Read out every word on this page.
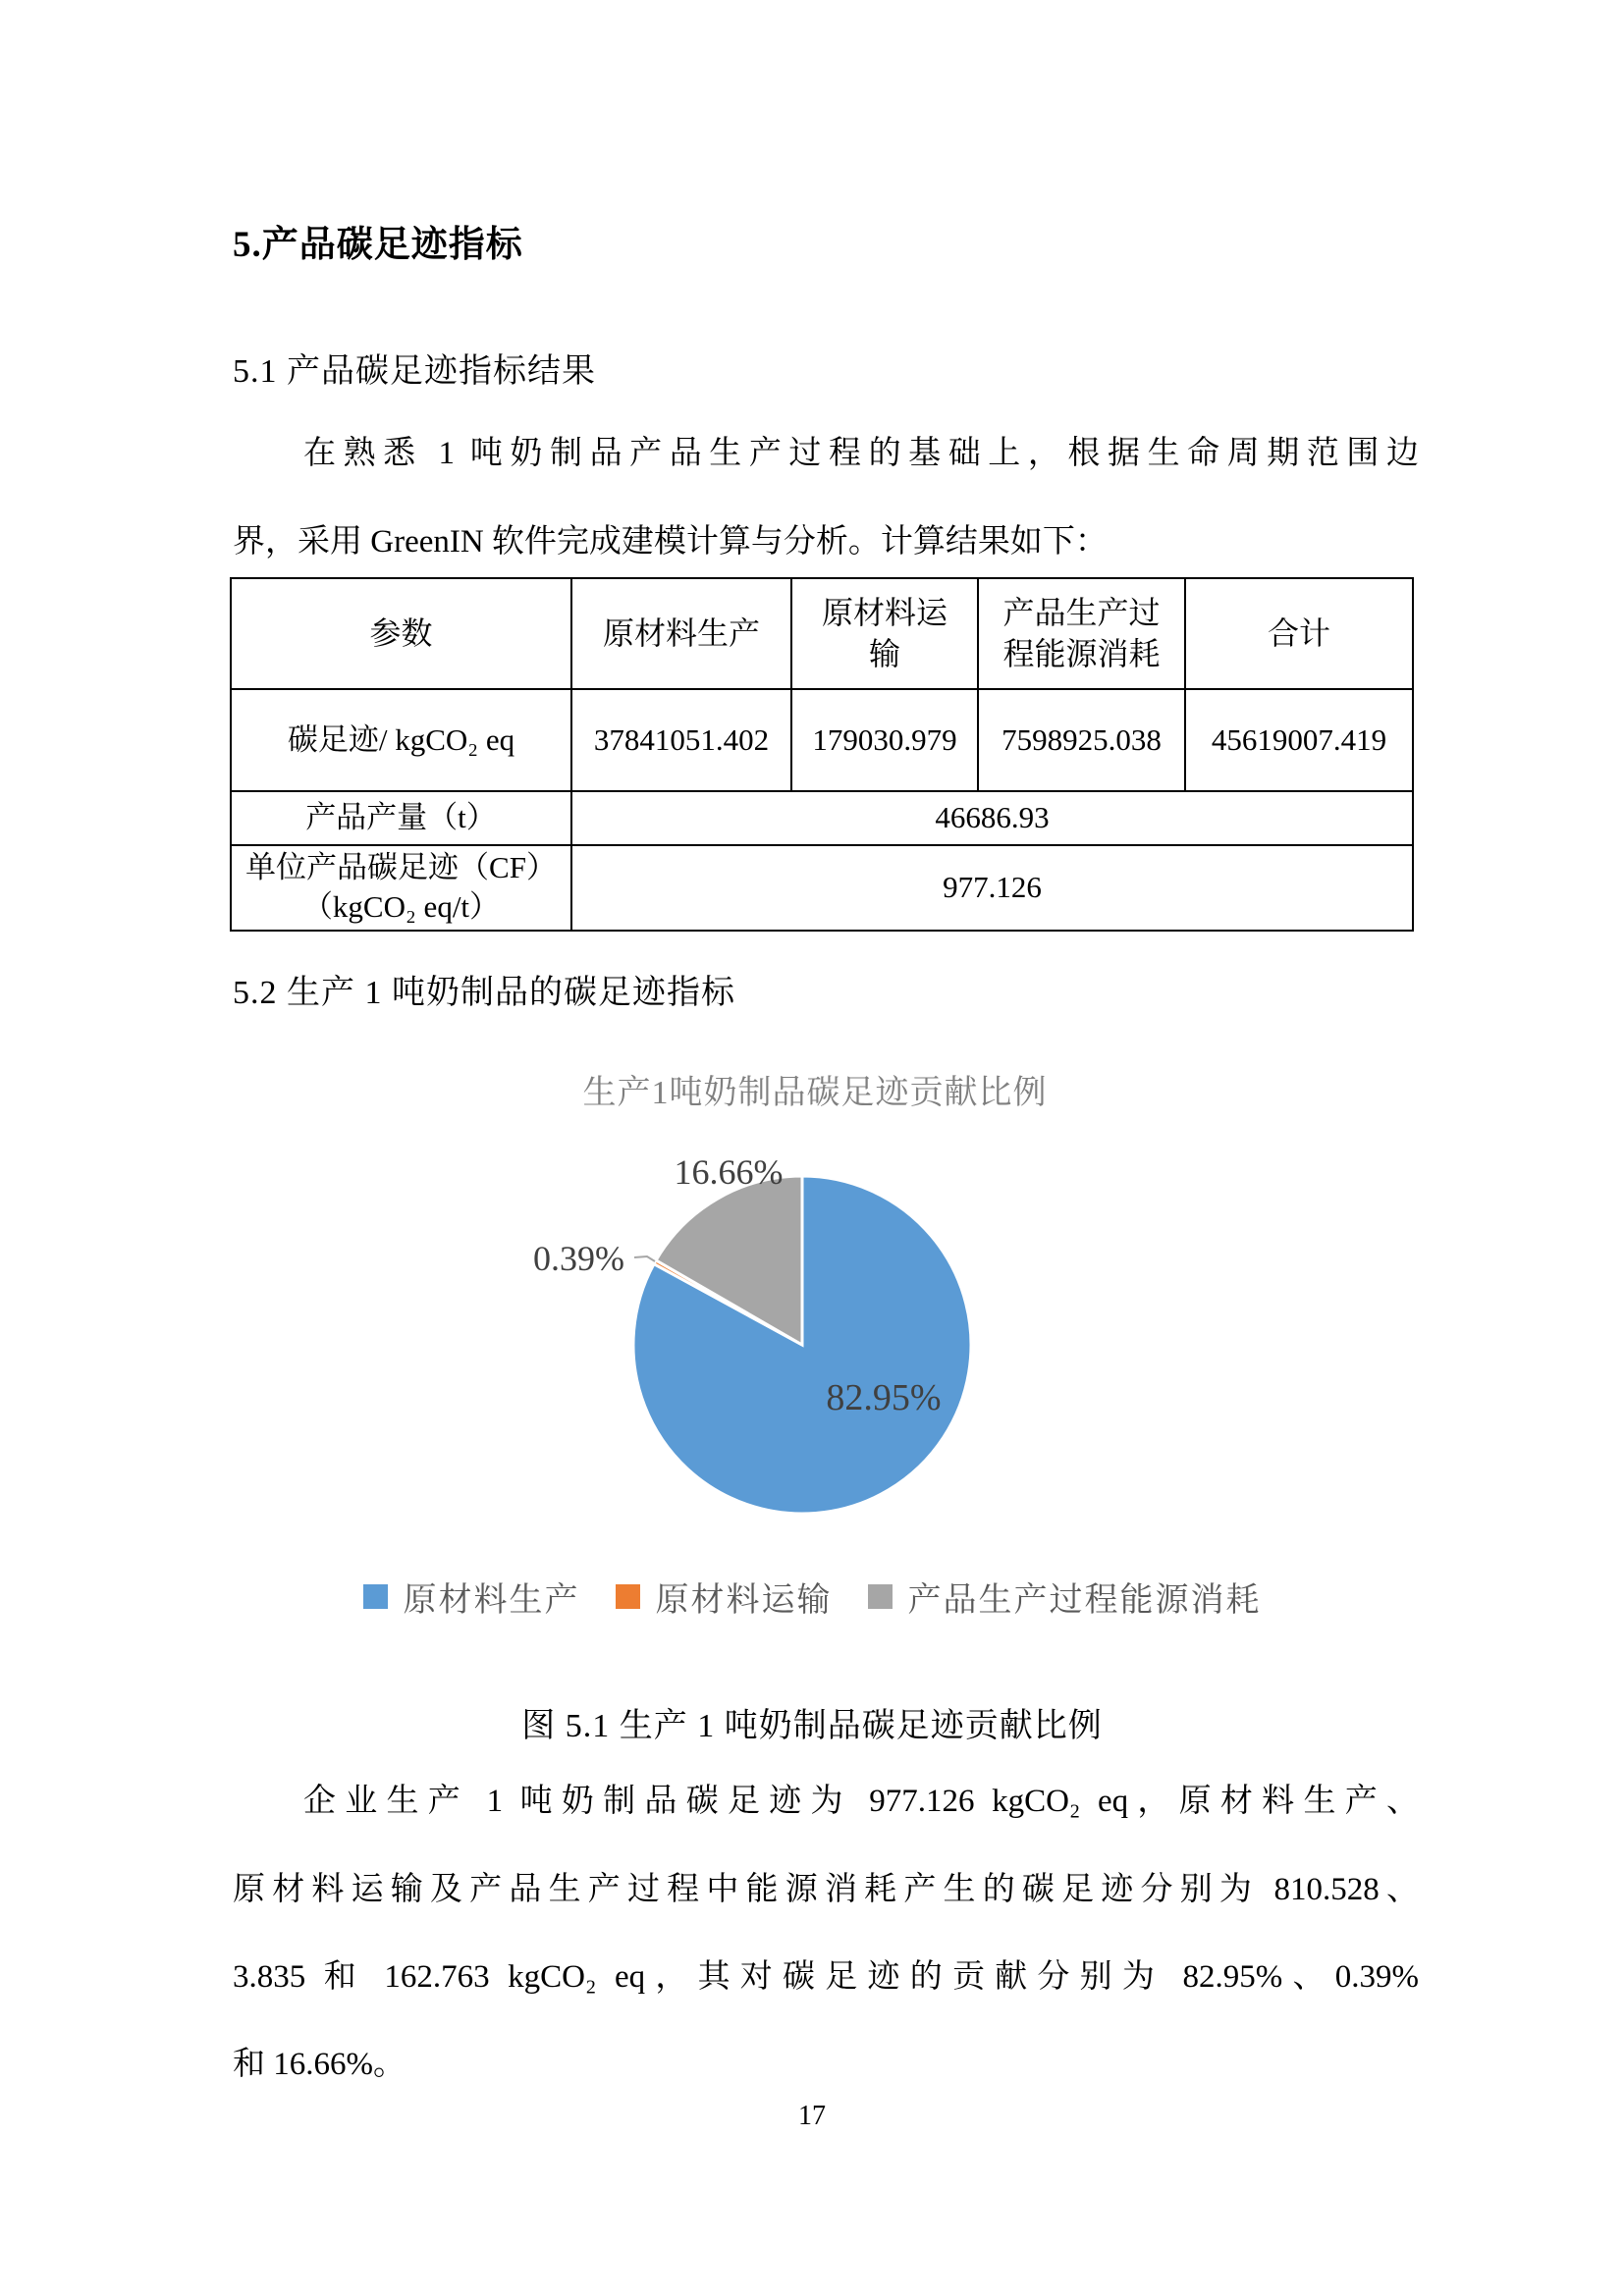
5.产品碳足迹指标
5.1 产品碳足迹指标结果

在熟悉 1 吨奶制品产品生产过程的基础上，根据生命周期范围边

界，采用 GreenIN 软件完成建模计算与分析。计算结果如下：

参数	原材料生产	原材料运输	产品生产过程能源消耗	合计
碳足迹/ kgCO₂ eq	37841051.402	179030.979	7598925.038	45619007.419
产品产量（t）	46686.93			

单位产品碳足迹（CF）
（kgCO₂ eq/t）	977.126			
5.2 生产 1 吨奶制品的碳足迹指标

生产1吨奶制品碳足迹贡献比例

82.95%
0.39%
16.66%
原材料生产 原材料运输 产品生产过程能源消耗

图 5.1 生产 1 吨奶制品碳足迹贡献比例

企业生产 1 吨奶制品碳足迹为 977.126 kgCO₂ eq，原材料生产、

原材料运输及产品生产过程中能源消耗产生的碳足迹分别为 810.528、

3.835 和 162.763 kgCO₂ eq，其对碳足迹的贡献分别为 82.95%、0.39%

和 16.66%。

17
